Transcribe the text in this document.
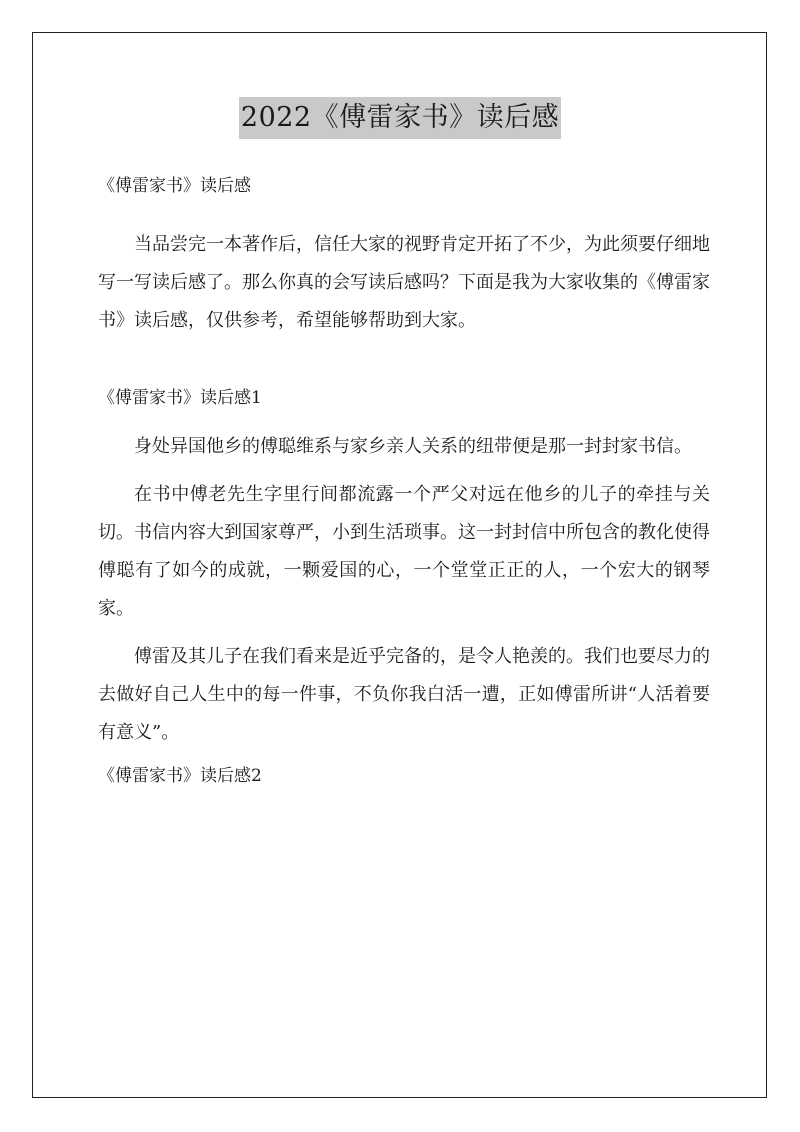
2022《傅雷家书》读后感

《傅雷家书》读后感

当品尝完一本著作后，信任大家的视野肯定开拓了不少，为此须要仔细地写一写读后感了。那么你真的会写读后感吗？下面是我为大家收集的《傅雷家书》读后感，仅供参考，希望能够帮助到大家。

《傅雷家书》读后感1

身处异国他乡的傅聪维系与家乡亲人关系的纽带便是那一封封家书信。

在书中傅老先生字里行间都流露一个严父对远在他乡的儿子的牵挂与关切。书信内容大到国家尊严，小到生活琐事。这一封封信中所包含的教化使得傅聪有了如今的成就，一颗爱国的心，一个堂堂正正的人，一个宏大的钢琴家。

傅雷及其儿子在我们看来是近乎完备的，是令人艳羡的。我们也要尽力的去做好自己人生中的每一件事，不负你我白活一遭，正如傅雷所讲“人活着要有意义”。

《傅雷家书》读后感2
